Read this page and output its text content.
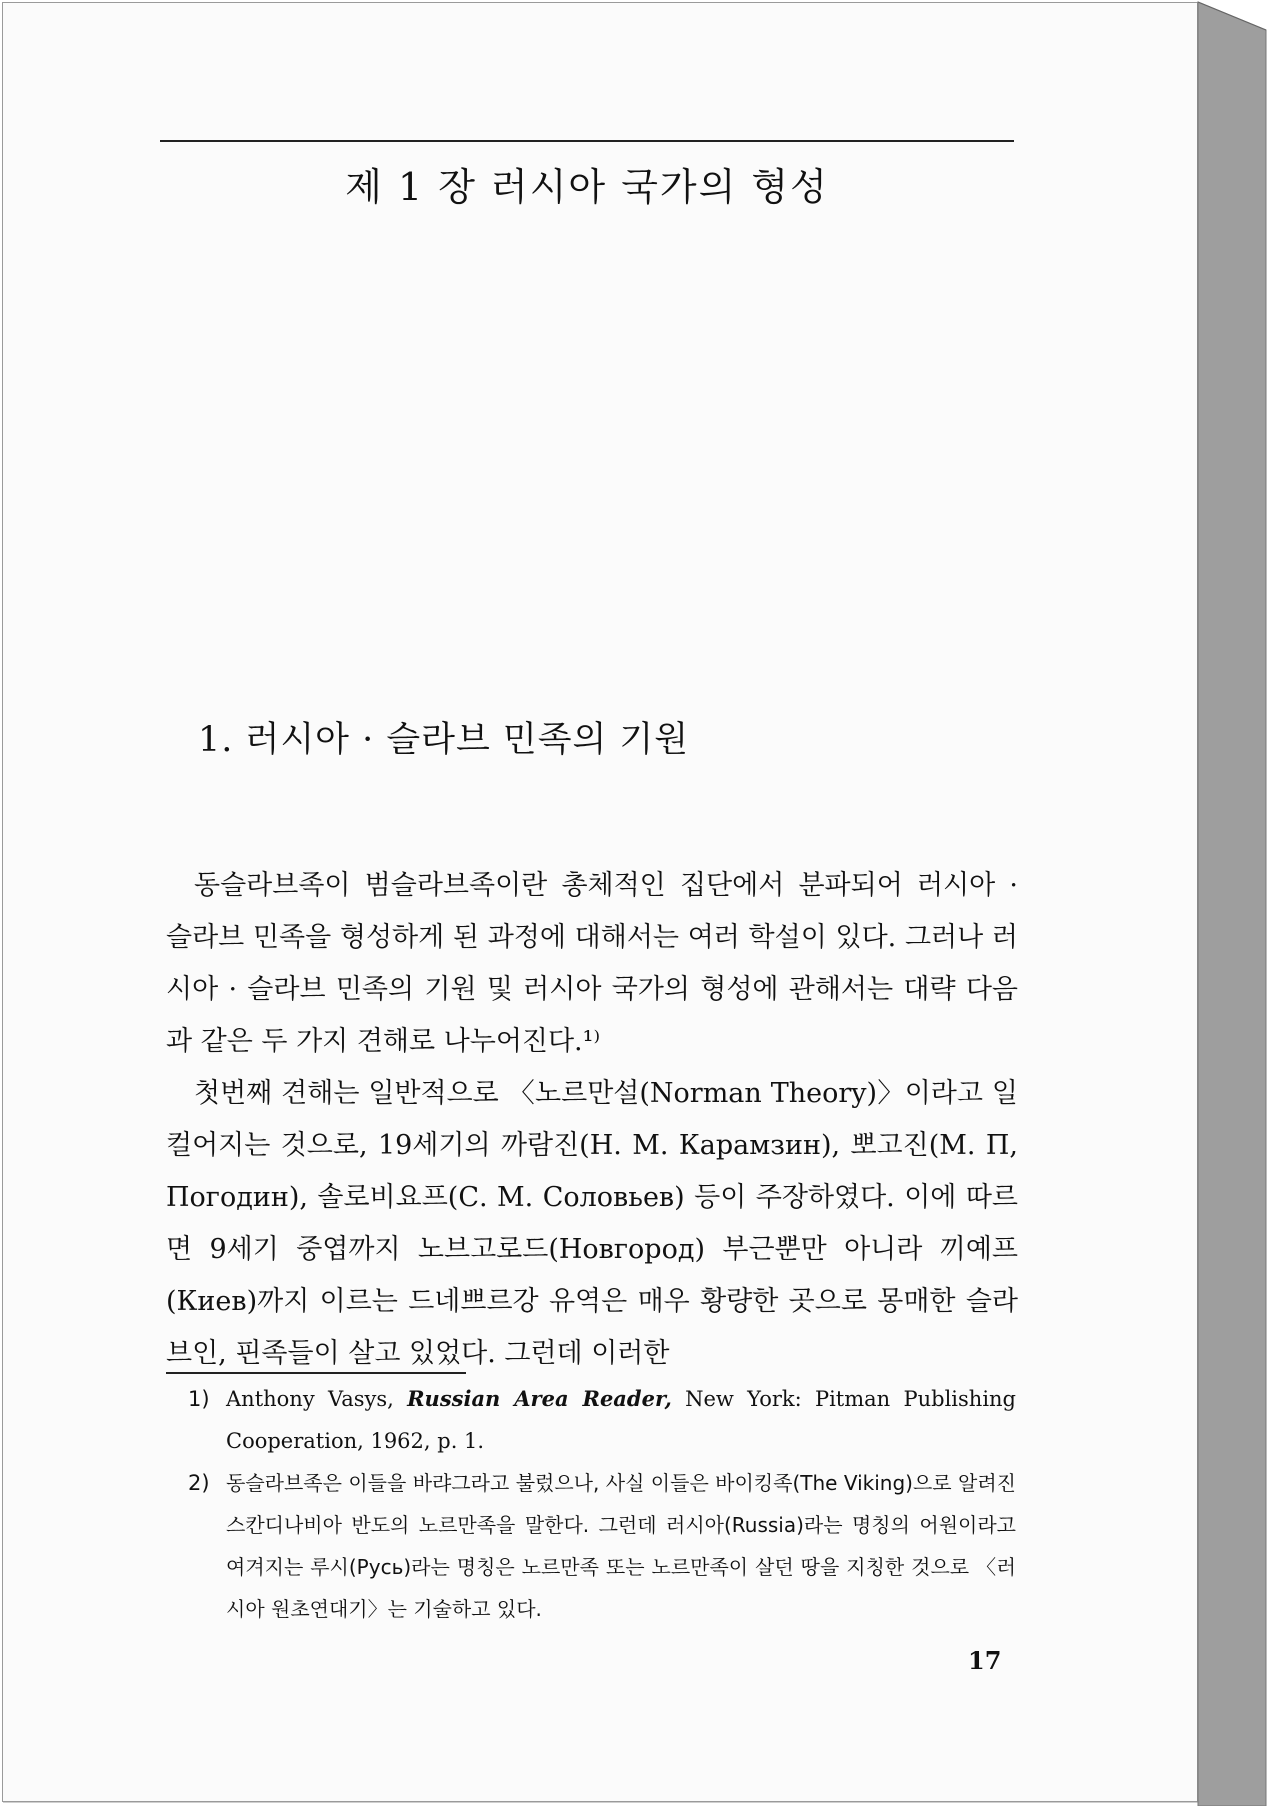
제 1 장 러시아 국가의 형성
1. 러시아 · 슬라브 민족의 기원

동슬라브족이 범슬라브족이란 총체적인 집단에서 분파되어 러시아 · 슬라브 민족을 형성하게 된 과정에 대해서는 여러 학설이 있다. 그러나 러시아 · 슬라브 민족의 기원 및 러시아 국가의 형성에 관해서는 대략 다음과 같은 두 가지 견해로 나누어진다.¹⁾

첫번째 견해는 일반적으로 〈노르만설(Norman Theory)〉이라고 일컬어지는 것으로, 19세기의 까람진(Н. М. Карамзин), 뽀고진(М. П, Погодин), 솔로비요프(С. М. Соловьев) 등이 주장하였다. 이에 따르면 9세기 중엽까지 노브고로드(Новгород) 부근뿐만 아니라 끼예프(Киев)까지 이르는 드네쁘르강 유역은 매우 황량한 곳으로 몽매한 슬라브인, 핀족들이 살고 있었다. 그런데 이러한

1) Anthony Vasys, Russian Area Reader, New York: Pitman Publishing Cooperation, 1962, p. 1.
2) 동슬라브족은 이들을 바랴그라고 불렀으나, 사실 이들은 바이킹족(The Viking)으로 알려진 스칸디나비아 반도의 노르만족을 말한다. 그런데 러시아(Russia)라는 명칭의 어원이라고 여겨지는 루시(Русь)라는 명칭은 노르만족 또는 노르만족이 살던 땅을 지칭한 것으로 〈러시아 원초연대기〉는 기술하고 있다.
17
